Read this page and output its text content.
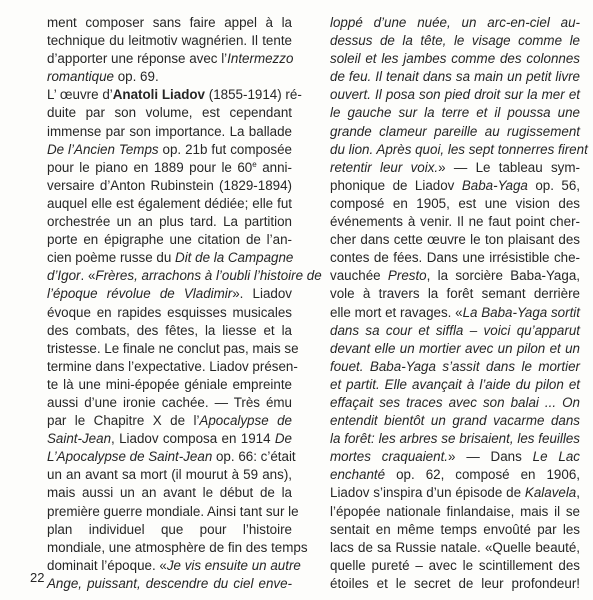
ment composer sans faire appel à la
technique du leitmotiv wagnérien. Il tente
d’apporter une réponse avec l’Intermezzo
romantique op. 69.
L’ œuvre d’Anatoli Liadov (1855-1914) ré-
duite par son volume, est cependant
immense par son importance. La ballade
De l’Ancien Temps op. 21b fut composée
pour le piano en 1889 pour le 60e anni-
versaire d’Anton Rubinstein (1829-1894)
auquel elle est également dédiée; elle fut
orchestrée un an plus tard. La partition
porte en épigraphe une citation de l’an-
cien poème russe du Dit de la Campagne
d’Igor. «Frères, arrachons à l’oubli l’histoire de
l’époque révolue de Vladimir». Liadov
évoque en rapides esquisses musicales
des combats, des fêtes, la liesse et la
tristesse. Le finale ne conclut pas, mais se
termine dans l’expectative. Liadov présen-
te là une mini-épopée géniale empreinte
aussi d’une ironie cachée. — Très ému
par le Chapitre X de l’Apocalypse de
Saint-Jean, Liadov composa en 1914 De
L’Apocalypse de Saint-Jean op. 66: c’était
un an avant sa mort (il mourut à 59 ans),
mais aussi un an avant le début de la
première guerre mondiale. Ainsi tant sur le
plan individuel que pour l’histoire
mondiale, une atmosphère de fin des temps
dominait l’époque. «Je vis ensuite un autre
Ange, puissant, descendre du ciel enve-
loppé d’une nuée, un arc-en-ciel au-
dessus de la tête, le visage comme le
soleil et les jambes comme des colonnes
de feu. Il tenait dans sa main un petit livre
ouvert. Il posa son pied droit sur la mer et
le gauche sur la terre et il poussa une
grande clameur pareille au rugissement
du lion. Après quoi, les sept tonnerres firent
retentir leur voix.» — Le tableau sym-
phonique de Liadov Baba-Yaga op. 56,
composé en 1905, est une vision des
événements à venir. Il ne faut point cher-
cher dans cette œuvre le ton plaisant des
contes de fées. Dans une irrésistible che-
vauchée Presto, la sorcière Baba-Yaga,
vole à travers la forêt semant derrière
elle mort et ravages. «La Baba-Yaga sortit
dans sa cour et siffla – voici qu’apparut
devant elle un mortier avec un pilon et un
fouet. Baba-Yaga s’assit dans le mortier
et partit. Elle avançait à l’aide du pilon et
effaçait ses traces avec son balai ... On
entendit bientôt un grand vacarme dans
la forêt: les arbres se brisaient, les feuilles
mortes craquaient.» — Dans Le Lac
enchanté op. 62, composé en 1906,
Liadov s’inspira d’un épisode de Kalavela,
l’épopée nationale finlandaise, mais il se
sentait en même temps envoûté par les
lacs de sa Russie natale. «Quelle beauté,
quelle pureté – avec le scintillement des
étoiles et le secret de leur profondeur!
22
